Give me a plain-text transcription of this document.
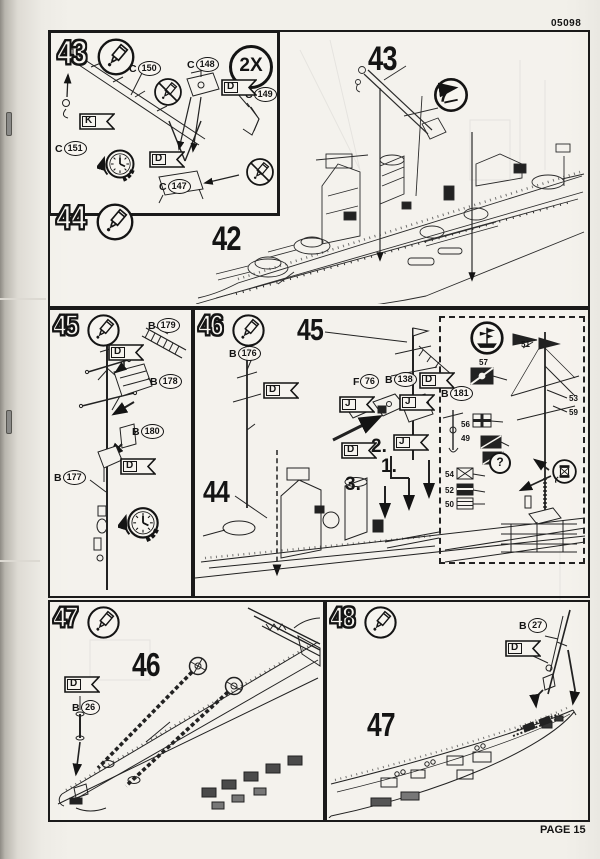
05098
43	2X
C 150	C 148
149
C 147
C 151
K
D
D
44
43
42
45	B 179
D
B 178
B 180
D
B 177
46
B 176
45
D
F 76 B 138
J	J
D
B 181
J
D 2.
1.
3.
44
?
51
57
53
59
56
49
54
52
50
47
46
D
B 26
48	B 27
D
47
PAGE 15
